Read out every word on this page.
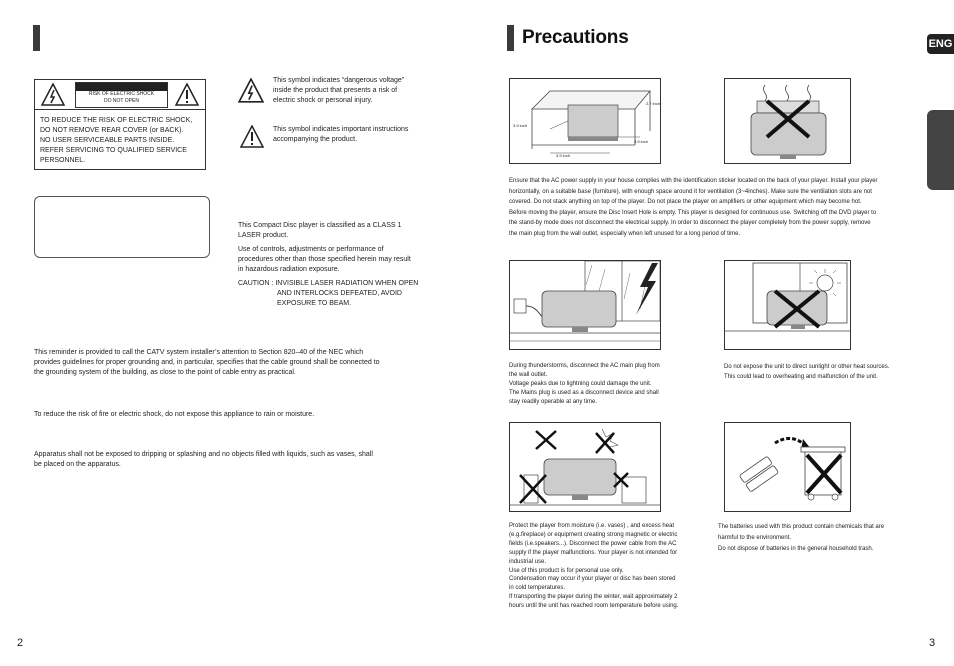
RISK OF ELECTRIC SHOCK
DO NOT OPEN
TO REDUCE THE RISK OF ELECTRIC SHOCK,
DO NOT REMOVE REAR COVER (or BACK).
NO USER SERVICEABLE PARTS INSIDE.
REFER SERVICING TO QUALIFIED SERVICE
PERSONNEL.
This symbol indicates “dangerous voltage”
inside the product that presents a risk of
electric shock or personal injury.
This symbol indicates important instructions
accompanying the product.
This Compact Disc player is classified as a CLASS 1
LASER product.
Use of controls, adjustments or performance of
procedures other than those specified herein may result
in hazardous radiation exposure.
CAUTION : INVISIBLE LASER RADIATION WHEN OPEN
AND INTERLOCKS DEFEATED, AVOID
EXPOSURE TO BEAM.
This reminder is provided to call the CATV system installer’s attention to Section 820–40 of the NEC which
provides guidelines for proper grounding and, in particular, specifies that the cable ground shall be connected to
the grounding system of the building, as close to the point of cable entry as practical.
To reduce the risk of fire or electric shock, do not expose this appliance to rain or moisture.
Apparatus shall not be exposed to dripping or splashing and no objects filled with liquids, such as vases, shall
be placed on the apparatus.
2
Precautions	ENG
2.7 inch
3.9 inch
3.9 inch
3.9 inch
Ensure that the AC power supply in your house complies with the identification sticker located on the back of your player. Install your player
horizontally, on a suitable base (furniture), with enough space around it for ventilation (3~4inches). Make sure the ventilation slots are not
covered. Do not stack anything on top of the player. Do not place the player on amplifiers or other equipment which may become hot.
Before moving the player, ensure the Disc Insert Hole is empty. This player is designed for continuous use. Switching off the DVD player to
the stand-by mode does not disconnect the electrical supply. In order to disconnect the player completely from the power supply, remove
the main plug from the wall outlet, especially when left unused for a long period of time.
During thunderstorms, disconnect the AC main plug from
the wall outlet.
Voltage peaks due to lightning could damage the unit.
The Mains plug is used as a disconnect device and shall
stay readily operable at any time.
Do not expose the unit to direct sunlight or other heat sources.
This could lead to overheating and malfunction of the unit.
Protect the player from moisture (i.e. vases) , and excess heat
(e.g.fireplace) or equipment creating strong magnetic or electric
fields (i.e.speakers...). Disconnect the power cable from the AC
supply if the player malfunctions. Your player is not intended for
industrial use.
Use of this product is for personal use only.
Condensation may occur if your player or disc has been stored
in cold temperatures.
If transporting the player during the winter, wait approximately 2
hours until the unit has reached room temperature before using.
The batteries used with this product contain chemicals that are
harmful to the environment.
Do not dispose of batteries in the general household trash.
3
